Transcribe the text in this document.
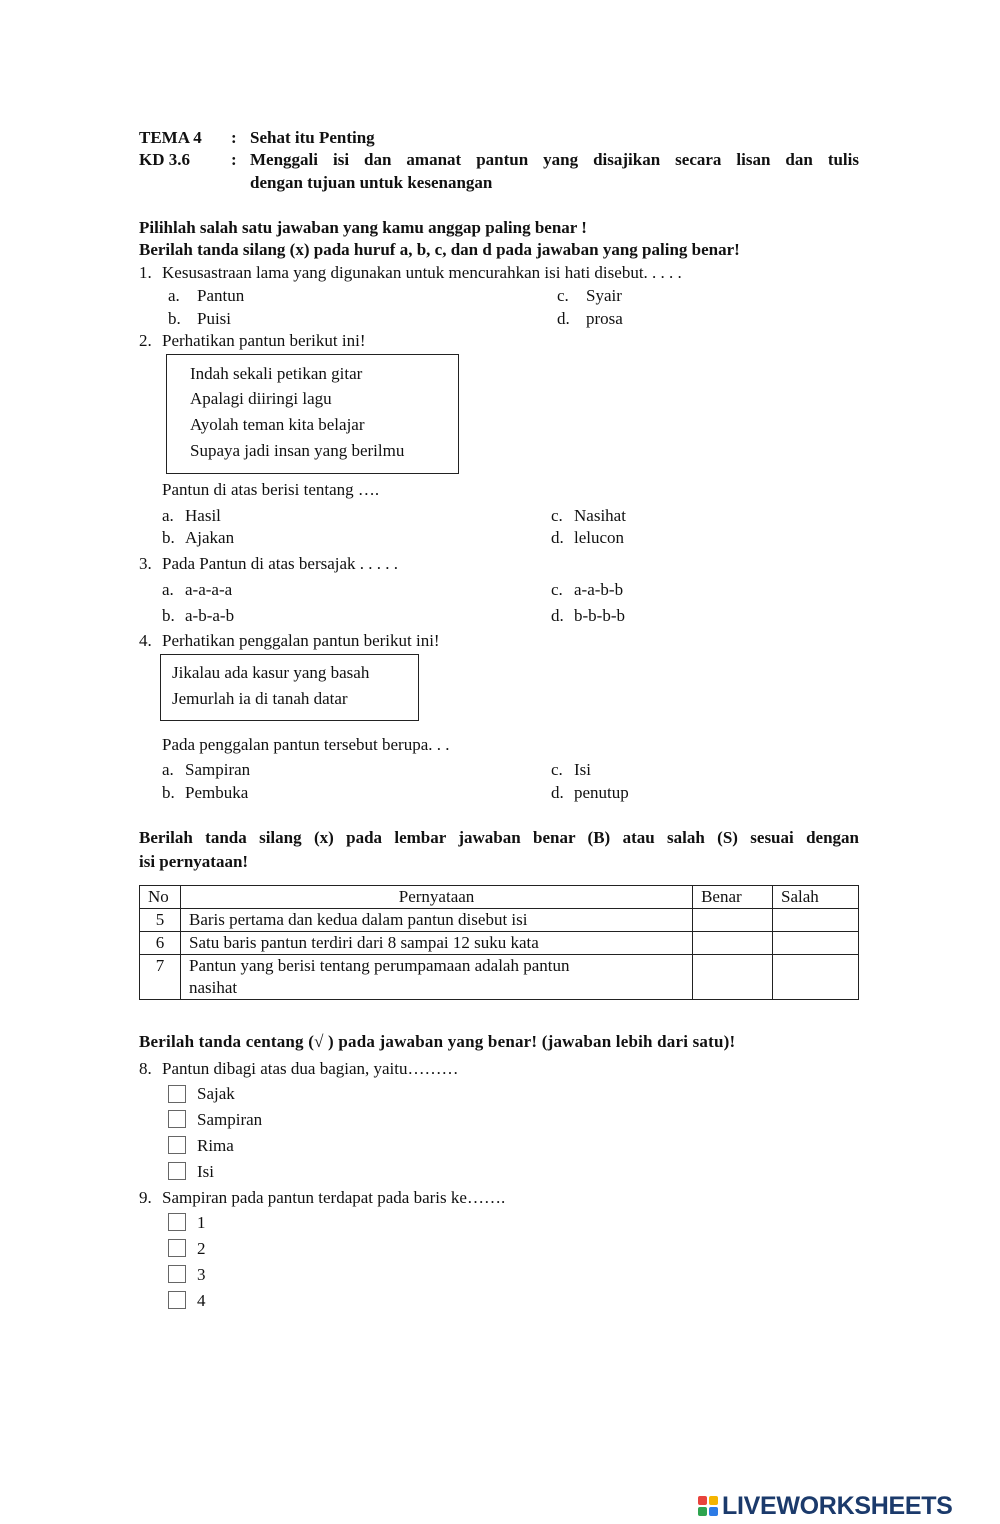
TEMA 4 : Sehat itu Penting
KD 3.6 : Menggali isi dan amanat pantun yang disajikan secara lisan dan tulis
dengan tujuan untuk kesenangan
Pilihlah salah satu jawaban yang kamu anggap paling benar !
Berilah tanda silang (x) pada huruf a, b, c, dan d pada jawaban yang paling benar!
1. Kesusastraan lama yang digunakan untuk mencurahkan isi hati disebut. . . . .
a. Pantun
b. Puisi
c. Syair
d. prosa
2. Perhatikan pantun berikut ini!
Indah sekali petikan gitar
Apalagi diiringi lagu
Ayolah teman kita belajar
Supaya jadi insan yang berilmu
Pantun di atas berisi tentang ….
a. Hasil
b. Ajakan
c. Nasihat
d. lelucon
3. Pada Pantun di atas bersajak . . . . .
a. a-a-a-a
b. a-b-a-b
c. a-a-b-b
d. b-b-b-b
4. Perhatikan penggalan pantun berikut ini!
Jikalau ada kasur yang basah
Jemurlah ia di tanah datar
Pada penggalan pantun tersebut berupa. . .
a. Sampiran
b. Pembuka
c. Isi
d. penutup
Berilah tanda silang (x) pada lembar jawaban benar (B) atau salah (S) sesuai dengan
isi pernyataan!
No	Pernyataan	Benar	Salah
5	Baris pertama dan kedua dalam pantun disebut isi		
6	Satu baris pantun terdiri dari 8 sampai 12 suku kata		
7	Pantun yang berisi tentang perumpamaan adalah pantun
nasihat		

Berilah tanda centang (√ ) pada jawaban yang benar! (jawaban lebih dari satu)!
8. Pantun dibagi atas dua bagian, yaitu………
Sajak
Sampiran
Rima
Isi
9. Sampiran pada pantun terdapat pada baris ke…….
1
2
3
4
LIVEWORKSHEETS
